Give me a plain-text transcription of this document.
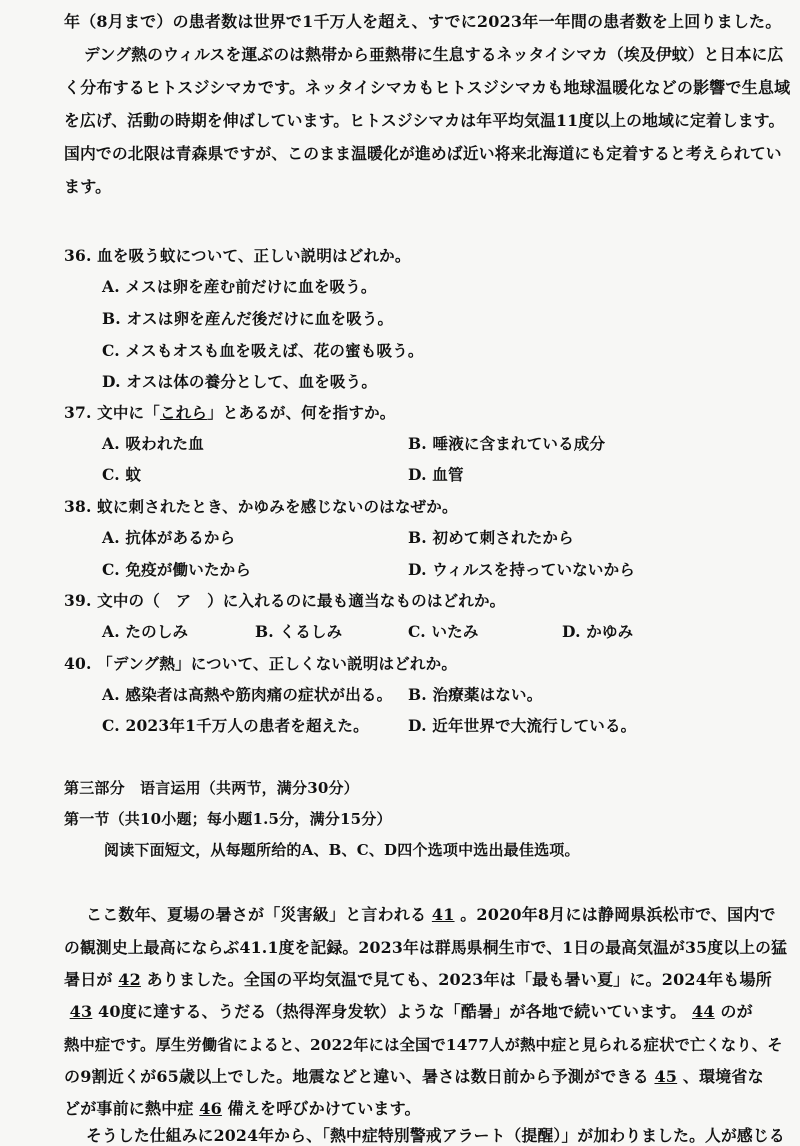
年（8月まで）の患者数は世界で1千万人を超え、すでに2023年一年間の患者数を上回りました。
デング熱のウィルスを運ぶのは熱帯から亜熱帯に生息するネッタイシマカ（埃及伊蚊）と日本に広
く分布するヒトスジシマカです。ネッタイシマカもヒトスジシマカも地球温暖化などの影響で生息域
を広げ、活動の時期を伸ばしています。ヒトスジシマカは年平均気温11度以上の地域に定着します。
国内での北限は青森県ですが、このまま温暖化が進めば近い将来北海道にも定着すると考えられてい
ます。
36. 血を吸う蚊について、正しい説明はどれか。
A. メスは卵を産む前だけに血を吸う。
B. オスは卵を産んだ後だけに血を吸う。
C. メスもオスも血を吸えば、花の蜜も吸う。
D. オスは体の養分として、血を吸う。
37. 文中に「これら」とあるが、何を指すか。
A. 吸われた血	B. 唾液に含まれている成分
C. 蚊	D. 血管
38. 蚊に刺されたとき、かゆみを感じないのはなぜか。
A. 抗体があるから	B. 初めて刺されたから
C. 免疫が働いたから	D. ウィルスを持っていないから
39. 文中の（　ア　）に入れるのに最も適当なものはどれか。
A. たのしみ	B. くるしみ	C. いたみ	D. かゆみ
40. 「デング熱」について、正しくない説明はどれか。
A. 感染者は高熱や筋肉痛の症状が出る。 B. 治療薬はない。
C. 2023年1千万人の患者を超えた。	D. 近年世界で大流行している。
第三部分　语言运用（共两节，满分30分）
第一节（共10小题；每小题1.5分，满分15分）
阅读下面短文，从每题所给的A、B、C、D四个选项中选出最佳选项。
ここ数年、夏場の暑さが「災害級」と言われる 41 。2020年8月には静岡県浜松市で、国内で
の観測史上最高にならぶ41.1度を記録。2023年は群馬県桐生市で、1日の最高気温が35度以上の猛
暑日が 42 ありました。全国の平均気温で見ても、2023年は「最も暑い夏」に。2024年も場所
43 40度に達する、うだる（热得浑身发软）ような「酷暑」が各地で続いています。 44 のが
熱中症です。厚生労働省によると、2022年には全国で1477人が熱中症と見られる症状で亡くなり、そ
の9割近くが65歳以上でした。地震などと違い、暑さは数日前から予測ができる 45 、環境省な
どが事前に熱中症 46 備えを呼びかけています。
そうした仕組みに2024年から、「熱中症特別警戒アラート（提醒）」が加わりました。人が感じる
